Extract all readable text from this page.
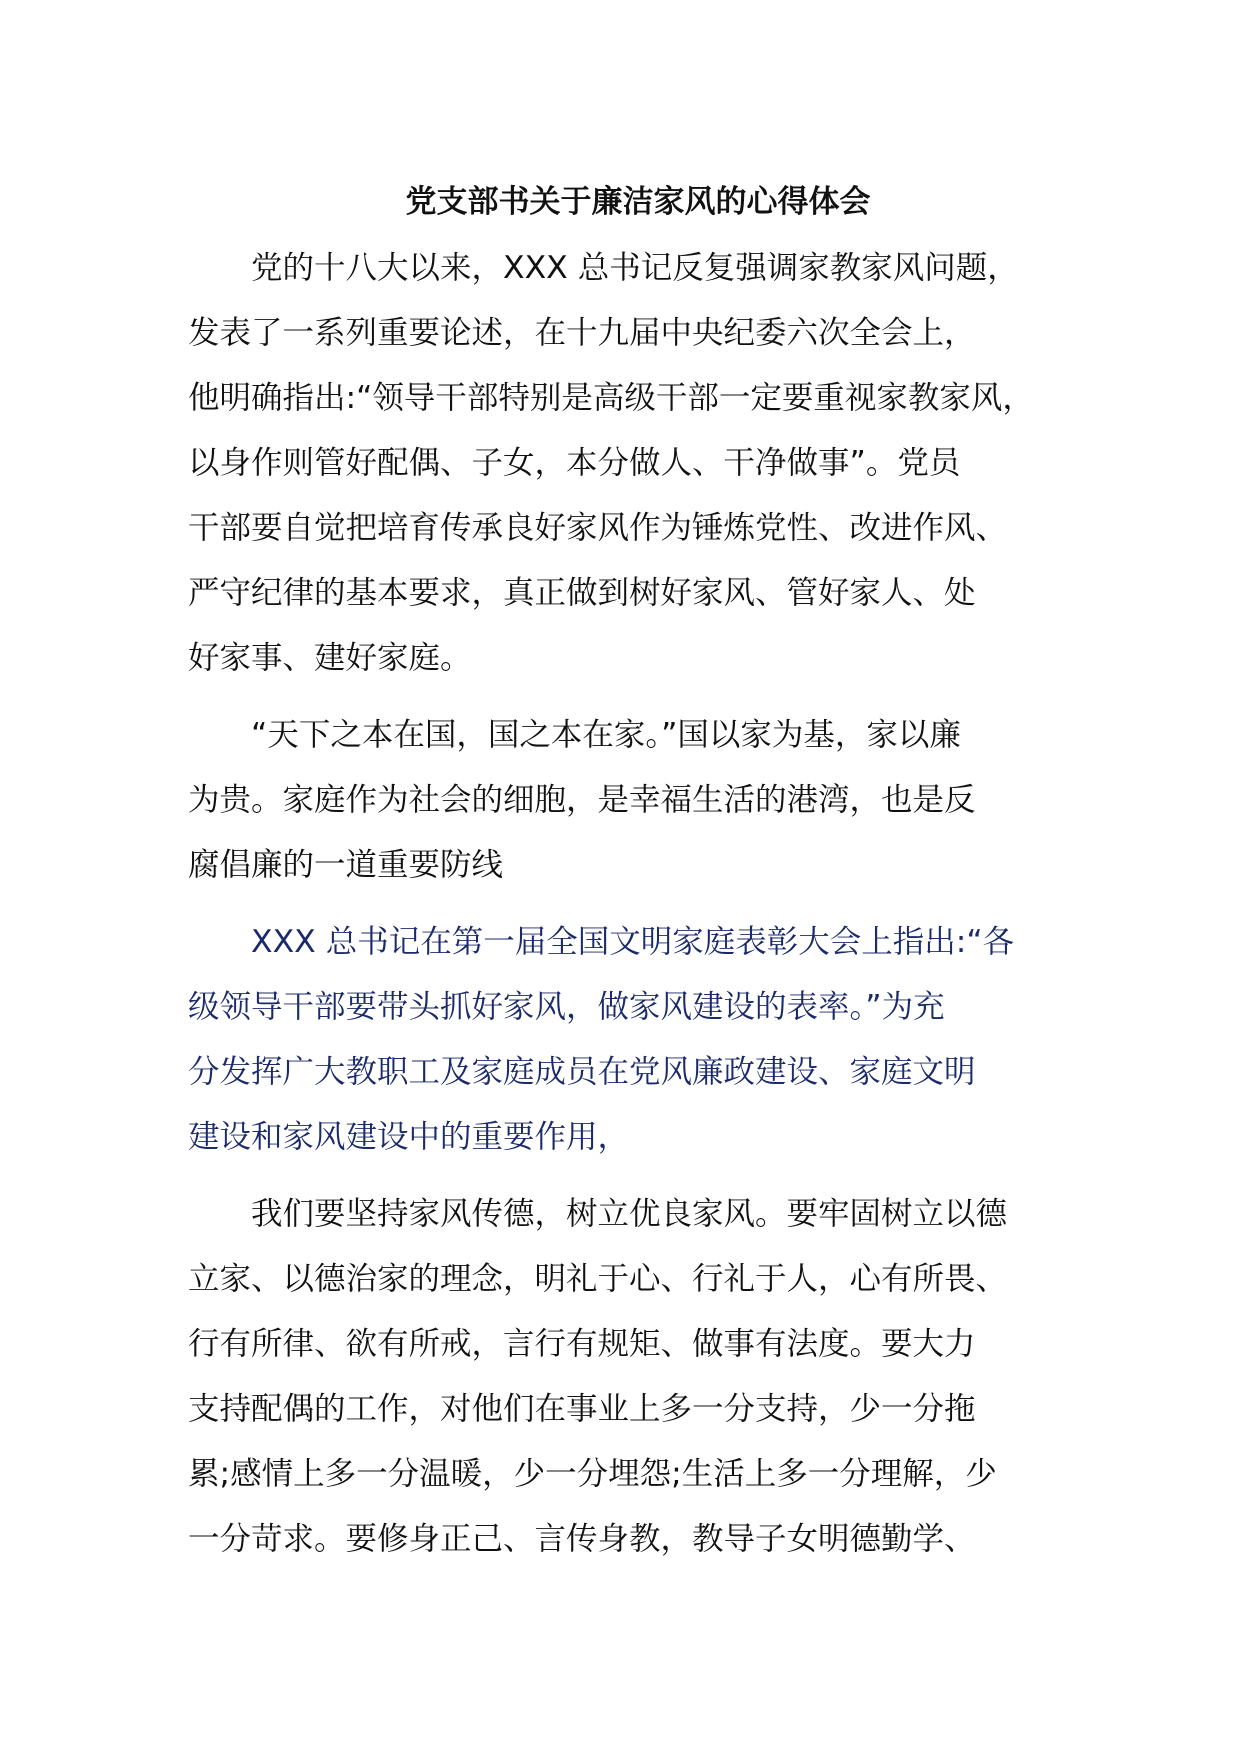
党支部书关于廉洁家风的心得体会
党的十八大以来，XXX 总书记反复强调家教家风问题，
发表了一系列重要论述，在十九届中央纪委六次全会上，
他明确指出:“领导干部特别是高级干部一定要重视家教家风，
以身作则管好配偶、子女，本分做人、干净做事”。党员
干部要自觉把培育传承良好家风作为锤炼党性、改进作风、
严守纪律的基本要求，真正做到树好家风、管好家人、处
好家事、建好家庭。
“天下之本在国，国之本在家。”国以家为基，家以廉
为贵。家庭作为社会的细胞，是幸福生活的港湾，也是反
腐倡廉的一道重要防线
XXX 总书记在第一届全国文明家庭表彰大会上指出:“各
级领导干部要带头抓好家风，做家风建设的表率。”为充
分发挥广大教职工及家庭成员在党风廉政建设、家庭文明
建设和家风建设中的重要作用，
我们要坚持家风传德，树立优良家风。要牢固树立以德
立家、以德治家的理念，明礼于心、行礼于人，心有所畏、
行有所律、欲有所戒，言行有规矩、做事有法度。要大力
支持配偶的工作，对他们在事业上多一分支持，少一分拖
累;感情上多一分温暖，少一分埋怨;生活上多一分理解，少
一分苛求。要修身正己、言传身教，教导子女明德勤学、
